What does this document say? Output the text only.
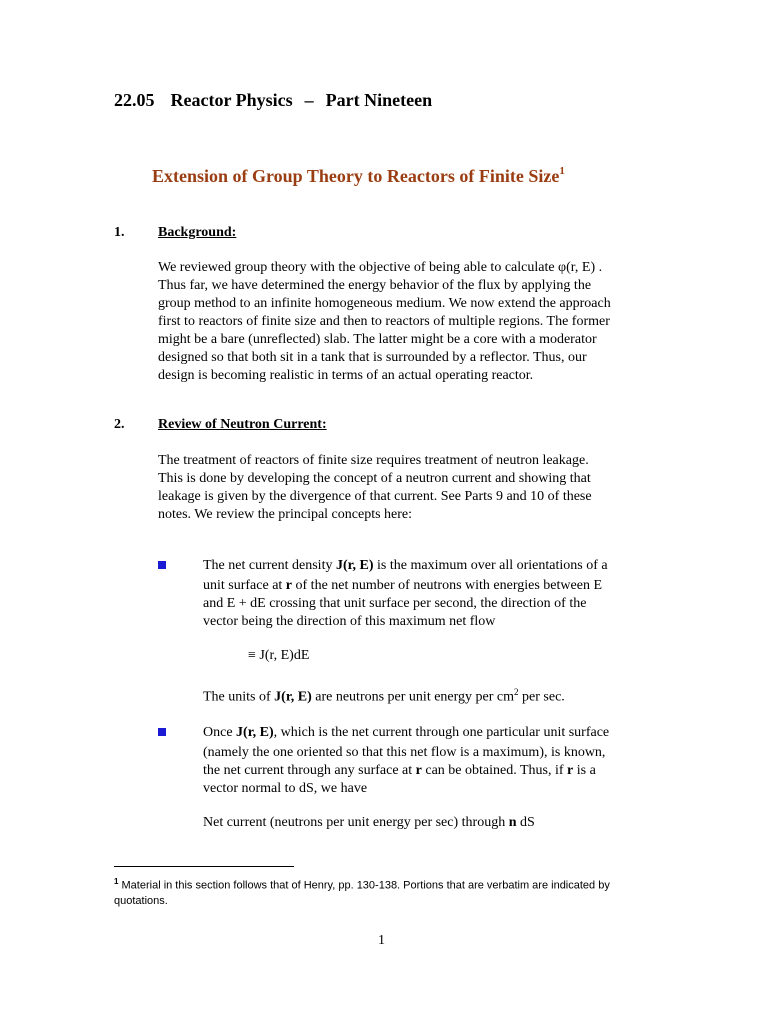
22.05 Reactor Physics – Part Nineteen
Extension of Group Theory to Reactors of Finite Size$^1$
1. Background:
We reviewed group theory with the objective of being able to calculate φ(r, E) .
Thus far, we have determined the energy behavior of the flux by applying the
group method to an infinite homogeneous medium. We now extend the approach
first to reactors of finite size and then to reactors of multiple regions. The former
might be a bare (unreflected) slab. The latter might be a core with a moderator
designed so that both sit in a tank that is surrounded by a reflector. Thus, our
design is becoming realistic in terms of an actual operating reactor.
2. Review of Neutron Current:
The treatment of reactors of finite size requires treatment of neutron leakage.
This is done by developing the concept of a neutron current and showing that
leakage is given by the divergence of that current. See Parts 9 and 10 of these
notes. We review the principal concepts here:
The net current density J(r, E) is the maximum over all orientations of a
unit surface at r of the net number of neutrons with energies between E
and E + dE crossing that unit surface per second, the direction of the
vector being the direction of this maximum net flow
≡ J(r, E)dE
The units of J(r, E) are neutrons per unit energy per $cm^2$ per sec.
Once J(r, E), which is the net current through one particular unit surface
(namely the one oriented so that this net flow is a maximum), is known,
the net current through any surface at r can be obtained. Thus, if r is a
vector normal to dS, we have
Net current (neutrons per unit energy per sec) through n dS
$^1$ Material in this section follows that of Henry, pp. 130-138. Portions that are verbatim are indicated by
quotations.
1
